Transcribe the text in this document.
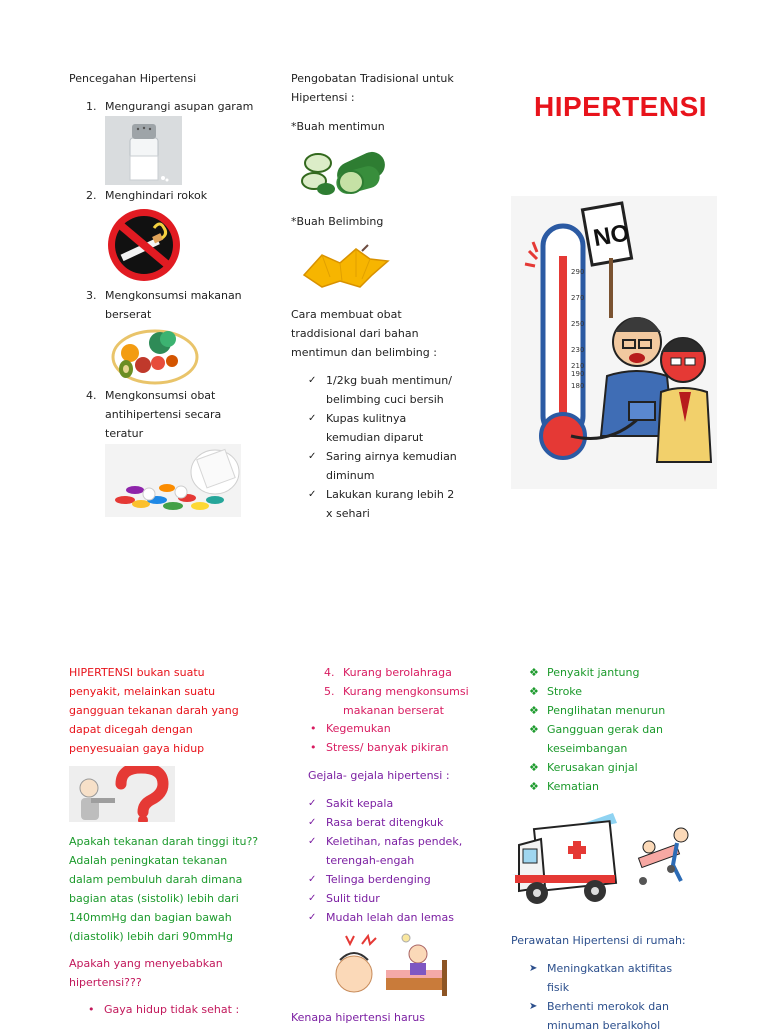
Pencegahan Hipertensi
1. Mengurangi asupan garam
2. Menghindari rokok
3. Mengkonsumsi makanan berserat
4. Mengkonsumsi obat antihipertensi secara teratur
Pengobatan Tradisional untuk Hipertensi :
*Buah mentimun
*Buah Belimbing
Cara membuat obat traddisional dari bahan mentimun dan belimbing :
✓ 1/2kg buah mentimun/ belimbing cuci bersih
✓ Kupas kulitnya kemudian diparut
✓ Saring airnya kemudian diminum
✓ Lakukan kurang lebih 2 x sehari
HIPERTENSI
290
270
250
230
210
190
180
NO
HIPERTENSI bukan suatu penyakit, melainkan suatu gangguan tekanan darah yang dapat dicegah dengan penyesuaian gaya hidup
Apakah tekanan darah tinggi itu?? Adalah peningkatan tekanan dalam pembuluh darah dimana bagian atas (sistolik) lebih dari 140mmHg dan bagian bawah (diastolik) lebih dari 90mmHg
Apakah yang menyebabkan hipertensi???
• Gaya hidup tidak sehat :
4. Kurang berolahraga
5. Kurang mengkonsumsi makanan berserat
• Kegemukan
• Stress/ banyak pikiran
Gejala- gejala hipertensi :
✓ Sakit kepala
✓ Rasa berat ditengkuk
✓ Keletihan, nafas pendek, terengah-engah
✓ Telinga berdenging
✓ Sulit tidur
✓ Mudah lelah dan lemas
Kenapa hipertensi harus
❖ Penyakit jantung
❖ Stroke
❖ Penglihatan menurun
❖ Gangguan gerak dan keseimbangan
❖ Kerusakan ginjal
❖ Kematian
Perawatan Hipertensi di rumah:
➤ Meningkatkan aktifitas fisik
➤ Berhenti merokok dan minuman beralkohol
